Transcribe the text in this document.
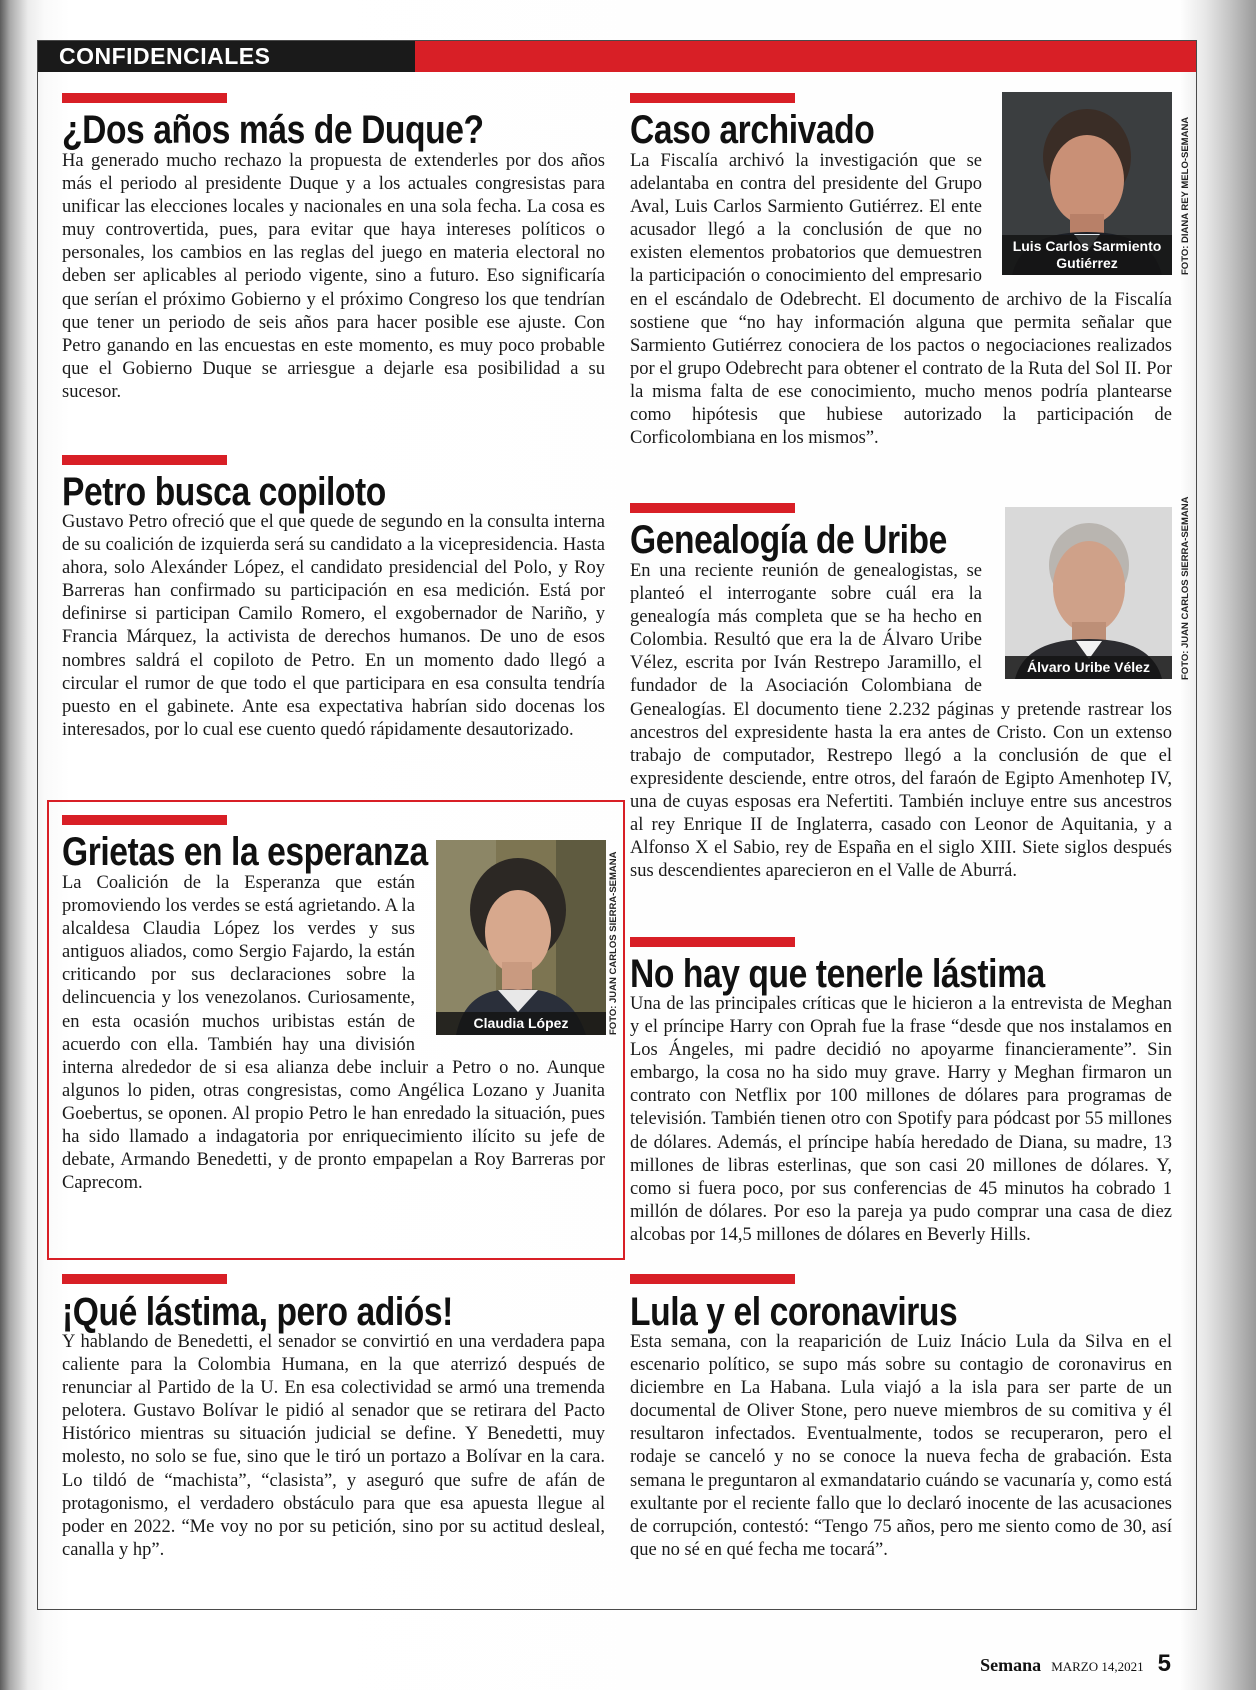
CONFIDENCIALES
¿Dos años más de Duque?
Ha generado mucho rechazo la propuesta de extenderles por dos años más el periodo al presidente Duque y a los actuales congresistas para unificar las elecciones locales y nacionales en una sola fecha. La cosa es muy controvertida, pues, para evitar que haya intereses políticos o personales, los cambios en las reglas del juego en materia electoral no deben ser aplicables al periodo vigente, sino a futuro. Eso significaría que serían el próximo Gobierno y el próximo Congreso los que tendrían que tener un periodo de seis años para hacer posible ese ajuste. Con Petro ganando en las encuestas en este momento, es muy poco probable que el Gobierno Duque se arriesgue a dejarle esa posibilidad a su sucesor.
Petro busca copiloto
Gustavo Petro ofreció que el que quede de segundo en la consulta interna de su coalición de izquierda será su candidato a la vicepresidencia. Hasta ahora, solo Alexánder López, el candidato presidencial del Polo, y Roy Barreras han confirmado su participación en esa medición. Está por definirse si participan Camilo Romero, el exgobernador de Nariño, y Francia Márquez, la activista de derechos humanos. De uno de esos nombres saldrá el copiloto de Petro. En un momento dado llegó a circular el rumor de que todo el que participara en esa consulta tendría puesto en el gabinete. Ante esa expectativa habrían sido docenas los interesados, por lo cual ese cuento quedó rápidamente desautorizado.
Grietas en la esperanza
Claudia López	FOTO: JUAN CARLOS SIERRA-SEMANA
La Coalición de la Esperanza que están promoviendo los verdes se está agrietando. A la alcaldesa Claudia López los verdes y sus antiguos aliados, como Sergio Fajardo, la están criticando por sus declaraciones sobre la delincuencia y los venezolanos. Curiosamente, en esta ocasión muchos uribistas están de acuerdo con ella. También hay una división interna alrededor de si esa alianza debe incluir a Petro o no. Aunque algunos lo piden, otras congresistas, como Angélica Lozano y Juanita Goebertus, se oponen. Al propio Petro le han enredado la situación, pues ha sido llamado a indagatoria por enriquecimiento ilícito su jefe de debate, Armando Benedetti, y de pronto empapelan a Roy Barreras por Caprecom.
¡Qué lástima, pero adiós!
Y hablando de Benedetti, el senador se convirtió en una verdadera papa caliente para la Colombia Humana, en la que aterrizó después de renunciar al Partido de la U. En esa colectividad se armó una tremenda pelotera. Gustavo Bolívar le pidió al senador que se retirara del Pacto Histórico mientras su situación judicial se define. Y Benedetti, muy molesto, no solo se fue, sino que le tiró un portazo a Bolívar en la cara. Lo tildó de “machista”, “clasista”, y aseguró que sufre de afán de protagonismo, el verdadero obstáculo para que esa apuesta llegue al poder en 2022. “Me voy no por su petición, sino por su actitud desleal, canalla y hp”.
Caso archivado
Luis Carlos Sarmiento Gutiérrez	FOTO: DIANA REY MELO-SEMANA
La Fiscalía archivó la investigación que se adelantaba en contra del presidente del Grupo Aval, Luis Carlos Sarmiento Gutiérrez. El ente acusador llegó a la conclusión de que no existen elementos probatorios que demuestren la participación o conocimiento del empresario en el escándalo de Odebrecht. El documento de archivo de la Fiscalía sostiene que “no hay información alguna que permita señalar que Sarmiento Gutiérrez conociera de los pactos o negociaciones realizados por el grupo Odebrecht para obtener el contrato de la Ruta del Sol II. Por la misma falta de ese conocimiento, mucho menos podría plantearse como hipótesis que hubiese autorizado la participación de Corficolombiana en los mismos”.
Genealogía de Uribe
Álvaro Uribe Vélez	FOTO: JUAN CARLOS SIERRA-SEMANA
En una reciente reunión de genealogistas, se planteó el interrogante sobre cuál era la genealogía más completa que se ha hecho en Colombia. Resultó que era la de Álvaro Uribe Vélez, escrita por Iván Restrepo Jaramillo, el fundador de la Asociación Colombiana de Genealogías. El documento tiene 2.232 páginas y pretende rastrear los ancestros del expresidente hasta la era antes de Cristo. Con un extenso trabajo de computador, Restrepo llegó a la conclusión de que el expresidente desciende, entre otros, del faraón de Egipto Amenhotep IV, una de cuyas esposas era Nefertiti. También incluye entre sus ancestros al rey Enrique II de Inglaterra, casado con Leonor de Aquitania, y a Alfonso X el Sabio, rey de España en el siglo XIII. Siete siglos después sus descendientes aparecieron en el Valle de Aburrá.
No hay que tenerle lástima
Una de las principales críticas que le hicieron a la entrevista de Meghan y el príncipe Harry con Oprah fue la frase “desde que nos instalamos en Los Ángeles, mi padre decidió no apoyarme financieramente”. Sin embargo, la cosa no ha sido muy grave. Harry y Meghan firmaron un contrato con Netflix por 100 millones de dólares para programas de televisión. También tienen otro con Spotify para pódcast por 55 millones de dólares. Además, el príncipe había heredado de Diana, su madre, 13 millones de libras esterlinas, que son casi 20 millones de dólares. Y, como si fuera poco, por sus conferencias de 45 minutos ha cobrado 1 millón de dólares. Por eso la pareja ya pudo comprar una casa de diez alcobas por 14,5 millones de dólares en Beverly Hills.
Lula y el coronavirus
Esta semana, con la reaparición de Luiz Inácio Lula da Silva en el escenario político, se supo más sobre su contagio de coronavirus en diciembre en La Habana. Lula viajó a la isla para ser parte de un documental de Oliver Stone, pero nueve miembros de su comitiva y él resultaron infectados. Eventualmente, todos se recuperaron, pero el rodaje se canceló y no se conoce la nueva fecha de grabación. Esta semana le preguntaron al exmandatario cuándo se vacunaría y, como está exultante por el reciente fallo que lo declaró inocente de las acusaciones de corrupción, contestó: “Tengo 75 años, pero me siento como de 30, así que no sé en qué fecha me tocará”.
Semana MARZO 14,2021 5
